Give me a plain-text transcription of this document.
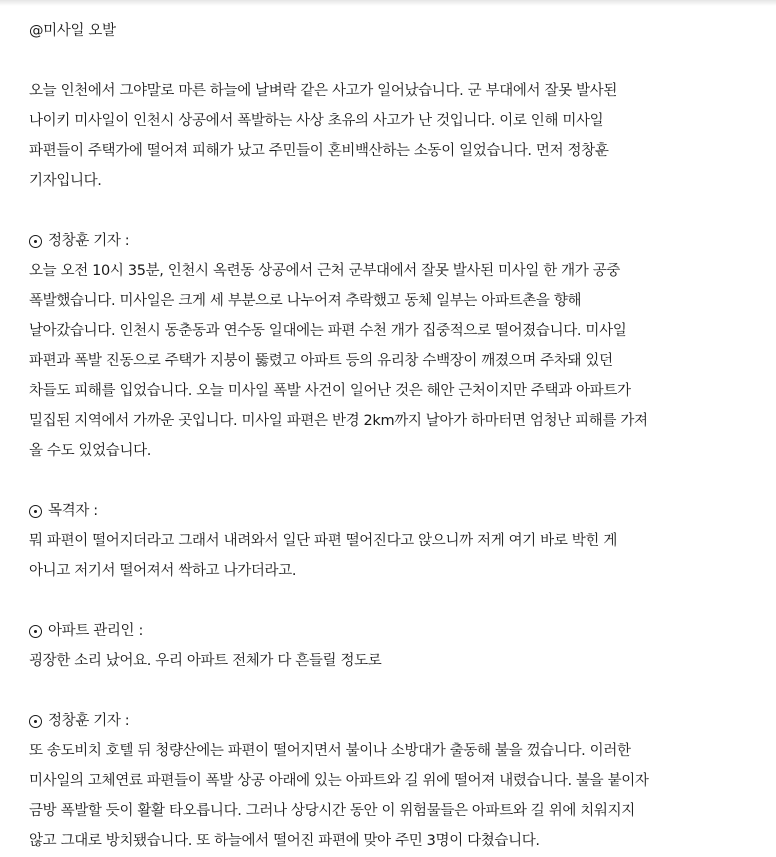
@미사일 오발
오늘 인천에서 그야말로 마른 하늘에 날벼락 같은 사고가 일어났습니다. 군 부대에서 잘못 발사된
나이키 미사일이 인천시 상공에서 폭발하는 사상 초유의 사고가 난 것입니다. 이로 인해 미사일
파편들이 주택가에 떨어져 피해가 났고 주민들이 혼비백산하는 소동이 일었습니다. 먼저 정창훈
기자입니다.
정창훈 기자 :
오늘 오전 10시 35분, 인천시 옥련동 상공에서 근처 군부대에서 잘못 발사된 미사일 한 개가 공중
폭발했습니다. 미사일은 크게 세 부분으로 나누어져 추락했고 동체 일부는 아파트촌을 향해
날아갔습니다. 인천시 동춘동과 연수동 일대에는 파편 수천 개가 집중적으로 떨어졌습니다. 미사일
파편과 폭발 진동으로 주택가 지붕이 뚫렸고 아파트 등의 유리창 수백장이 깨졌으며 주차돼 있던
차들도 피해를 입었습니다. 오늘 미사일 폭발 사건이 일어난 것은 해안 근처이지만 주택과 아파트가
밀집된 지역에서 가까운 곳입니다. 미사일 파편은 반경 2km까지 날아가 하마터면 엄청난 피해를 가져
올 수도 있었습니다.
목격자 :
뭐 파편이 떨어지더라고 그래서 내려와서 일단 파편 떨어진다고 앉으니까 저게 여기 바로 박힌 게
아니고 저기서 떨어져서 싹하고 나가더라고.
아파트 관리인 :
굉장한 소리 났어요. 우리 아파트 전체가 다 흔들릴 정도로
정창훈 기자 :
또 송도비치 호텔 뒤 청량산에는 파편이 떨어지면서 불이나 소방대가 출동해 불을 껐습니다. 이러한
미사일의 고체연료 파편들이 폭발 상공 아래에 있는 아파트와 길 위에 떨어져 내렸습니다. 불을 붙이자
금방 폭발할 듯이 활활 타오릅니다. 그러나 상당시간 동안 이 위험물들은 아파트와 길 위에 치워지지
않고 그대로 방치됐습니다. 또 하늘에서 떨어진 파편에 맞아 주민 3명이 다쳤습니다.
